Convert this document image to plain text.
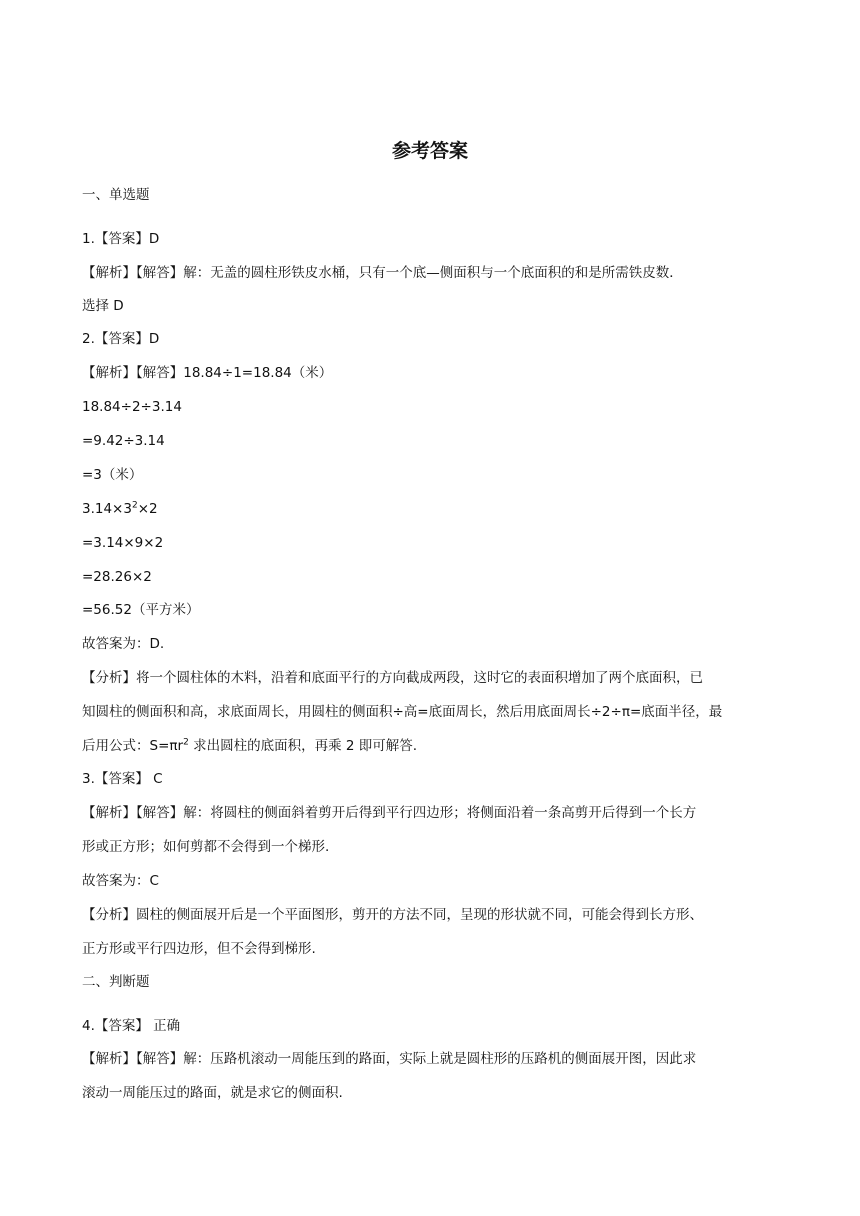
参考答案
一、单选题
1.【答案】D
【解析】【解答】解：无盖的圆柱形铁皮水桶，只有一个底—侧面积与一个底面积的和是所需铁皮数．
选择 D
2.【答案】D
【解析】【解答】18.84÷1=18.84（米）
18.84÷2÷3.14
=9.42÷3.14
=3（米）
$3.14\times 3^2\times 2$
=3.14×9×2
=28.26×2
=56.52（平方米）
故答案为：D.
【分析】将一个圆柱体的木料，沿着和底面平行的方向截成两段，这时它的表面积增加了两个底面积，已
知圆柱的侧面积和高，求底面周长，用圆柱的侧面积÷高=底面周长，然后用底面周长÷2÷π=底面半径，最
后用公式：$S=\pi r^2$ 求出圆柱的底面积，再乘 2 即可解答.
3.【答案】 C
【解析】【解答】解：将圆柱的侧面斜着剪开后得到平行四边形；将侧面沿着一条高剪开后得到一个长方
形或正方形；如何剪都不会得到一个梯形.
故答案为：C
【分析】圆柱的侧面展开后是一个平面图形，剪开的方法不同，呈现的形状就不同，可能会得到长方形、
正方形或平行四边形，但不会得到梯形.
二、判断题
4.【答案】 正确
【解析】【解答】解：压路机滚动一周能压到的路面，实际上就是圆柱形的压路机的侧面展开图，因此求
滚动一周能压过的路面，就是求它的侧面积.
